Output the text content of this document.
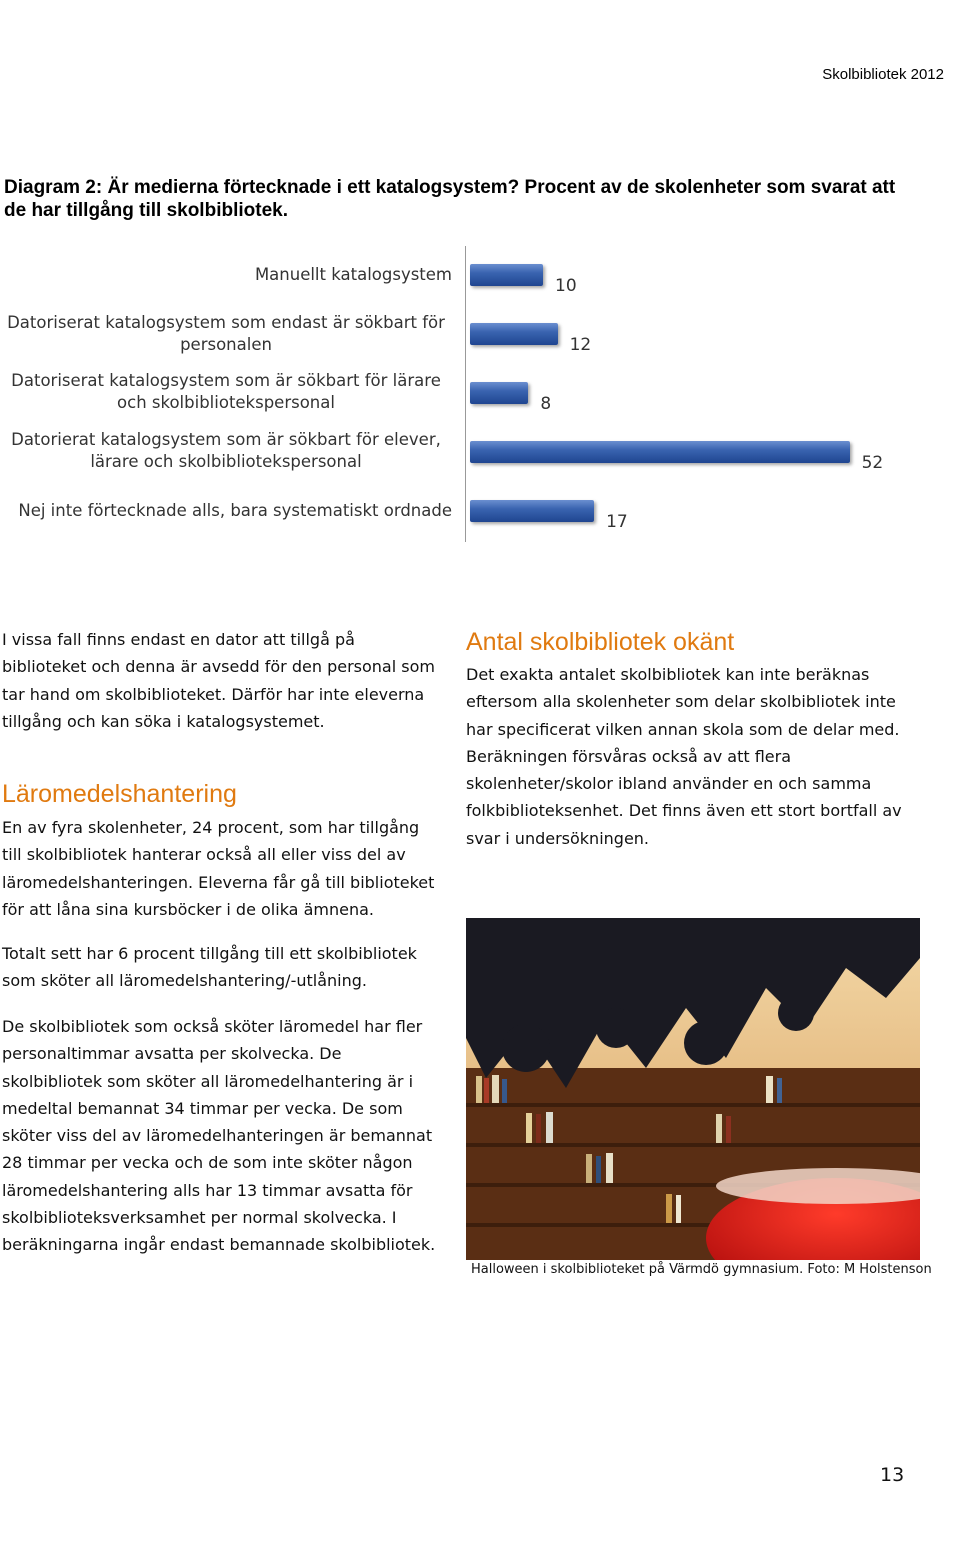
Skolbibliotek 2012
Diagram 2: Är medierna förtecknade i ett katalogsystem? Procent av de skolenheter som svarat att de har tillgång till skolbibliotek.
Manuellt katalogsystem
Datoriserat katalogsystem som endast är sökbart för personalen
Datoriserat katalogsystem som är sökbart för lärare och skolbibliotekspersonal
Datorierat katalogsystem som är sökbart för elever, lärare och skolbibliotekspersonal
Nej inte förtecknade alls, bara systematiskt ordnade
10
12
8
52
17
I vissa fall finns endast en dator att tillgå på biblioteket och denna är avsedd för den personal som tar hand om skolbiblioteket. Därför har inte eleverna tillgång och kan söka i katalogsystemet.
Läromedelshantering
En av fyra skolenheter, 24 procent, som har tillgång till skolbibliotek hanterar också all eller viss del av läromedelshanteringen. Eleverna får gå till biblioteket för att låna sina kursböcker i de olika ämnena.
Totalt sett har 6 procent tillgång till ett skolbibliotek som sköter all läromedelshantering/-utlåning.
De skolbibliotek som också sköter läromedel har fler personaltimmar avsatta per skolvecka. De skolbibliotek som sköter all läromedelhantering är i medeltal bemannat 34 timmar per vecka. De som sköter viss del av läromedelhanteringen är bemannat 28 timmar per vecka och de som inte sköter någon läromedelshantering alls har 13 timmar avsatta för skolbiblioteksverksamhet per normal skolvecka. I beräkningarna ingår endast bemannade skolbibliotek.
Antal skolbibliotek okänt
Det exakta antalet skolbibliotek kan inte beräknas eftersom alla skolenheter som delar skolbibliotek inte har specificerat vilken annan skola som de delar med. Beräkningen försvåras också av att flera skolenheter/skolor ibland använder en och samma folkbiblioteksenhet. Det finns även ett stort bortfall av svar i undersökningen.
Halloween i skolbiblioteket på Värmdö gymnasium. Foto: M Holstenson
13
